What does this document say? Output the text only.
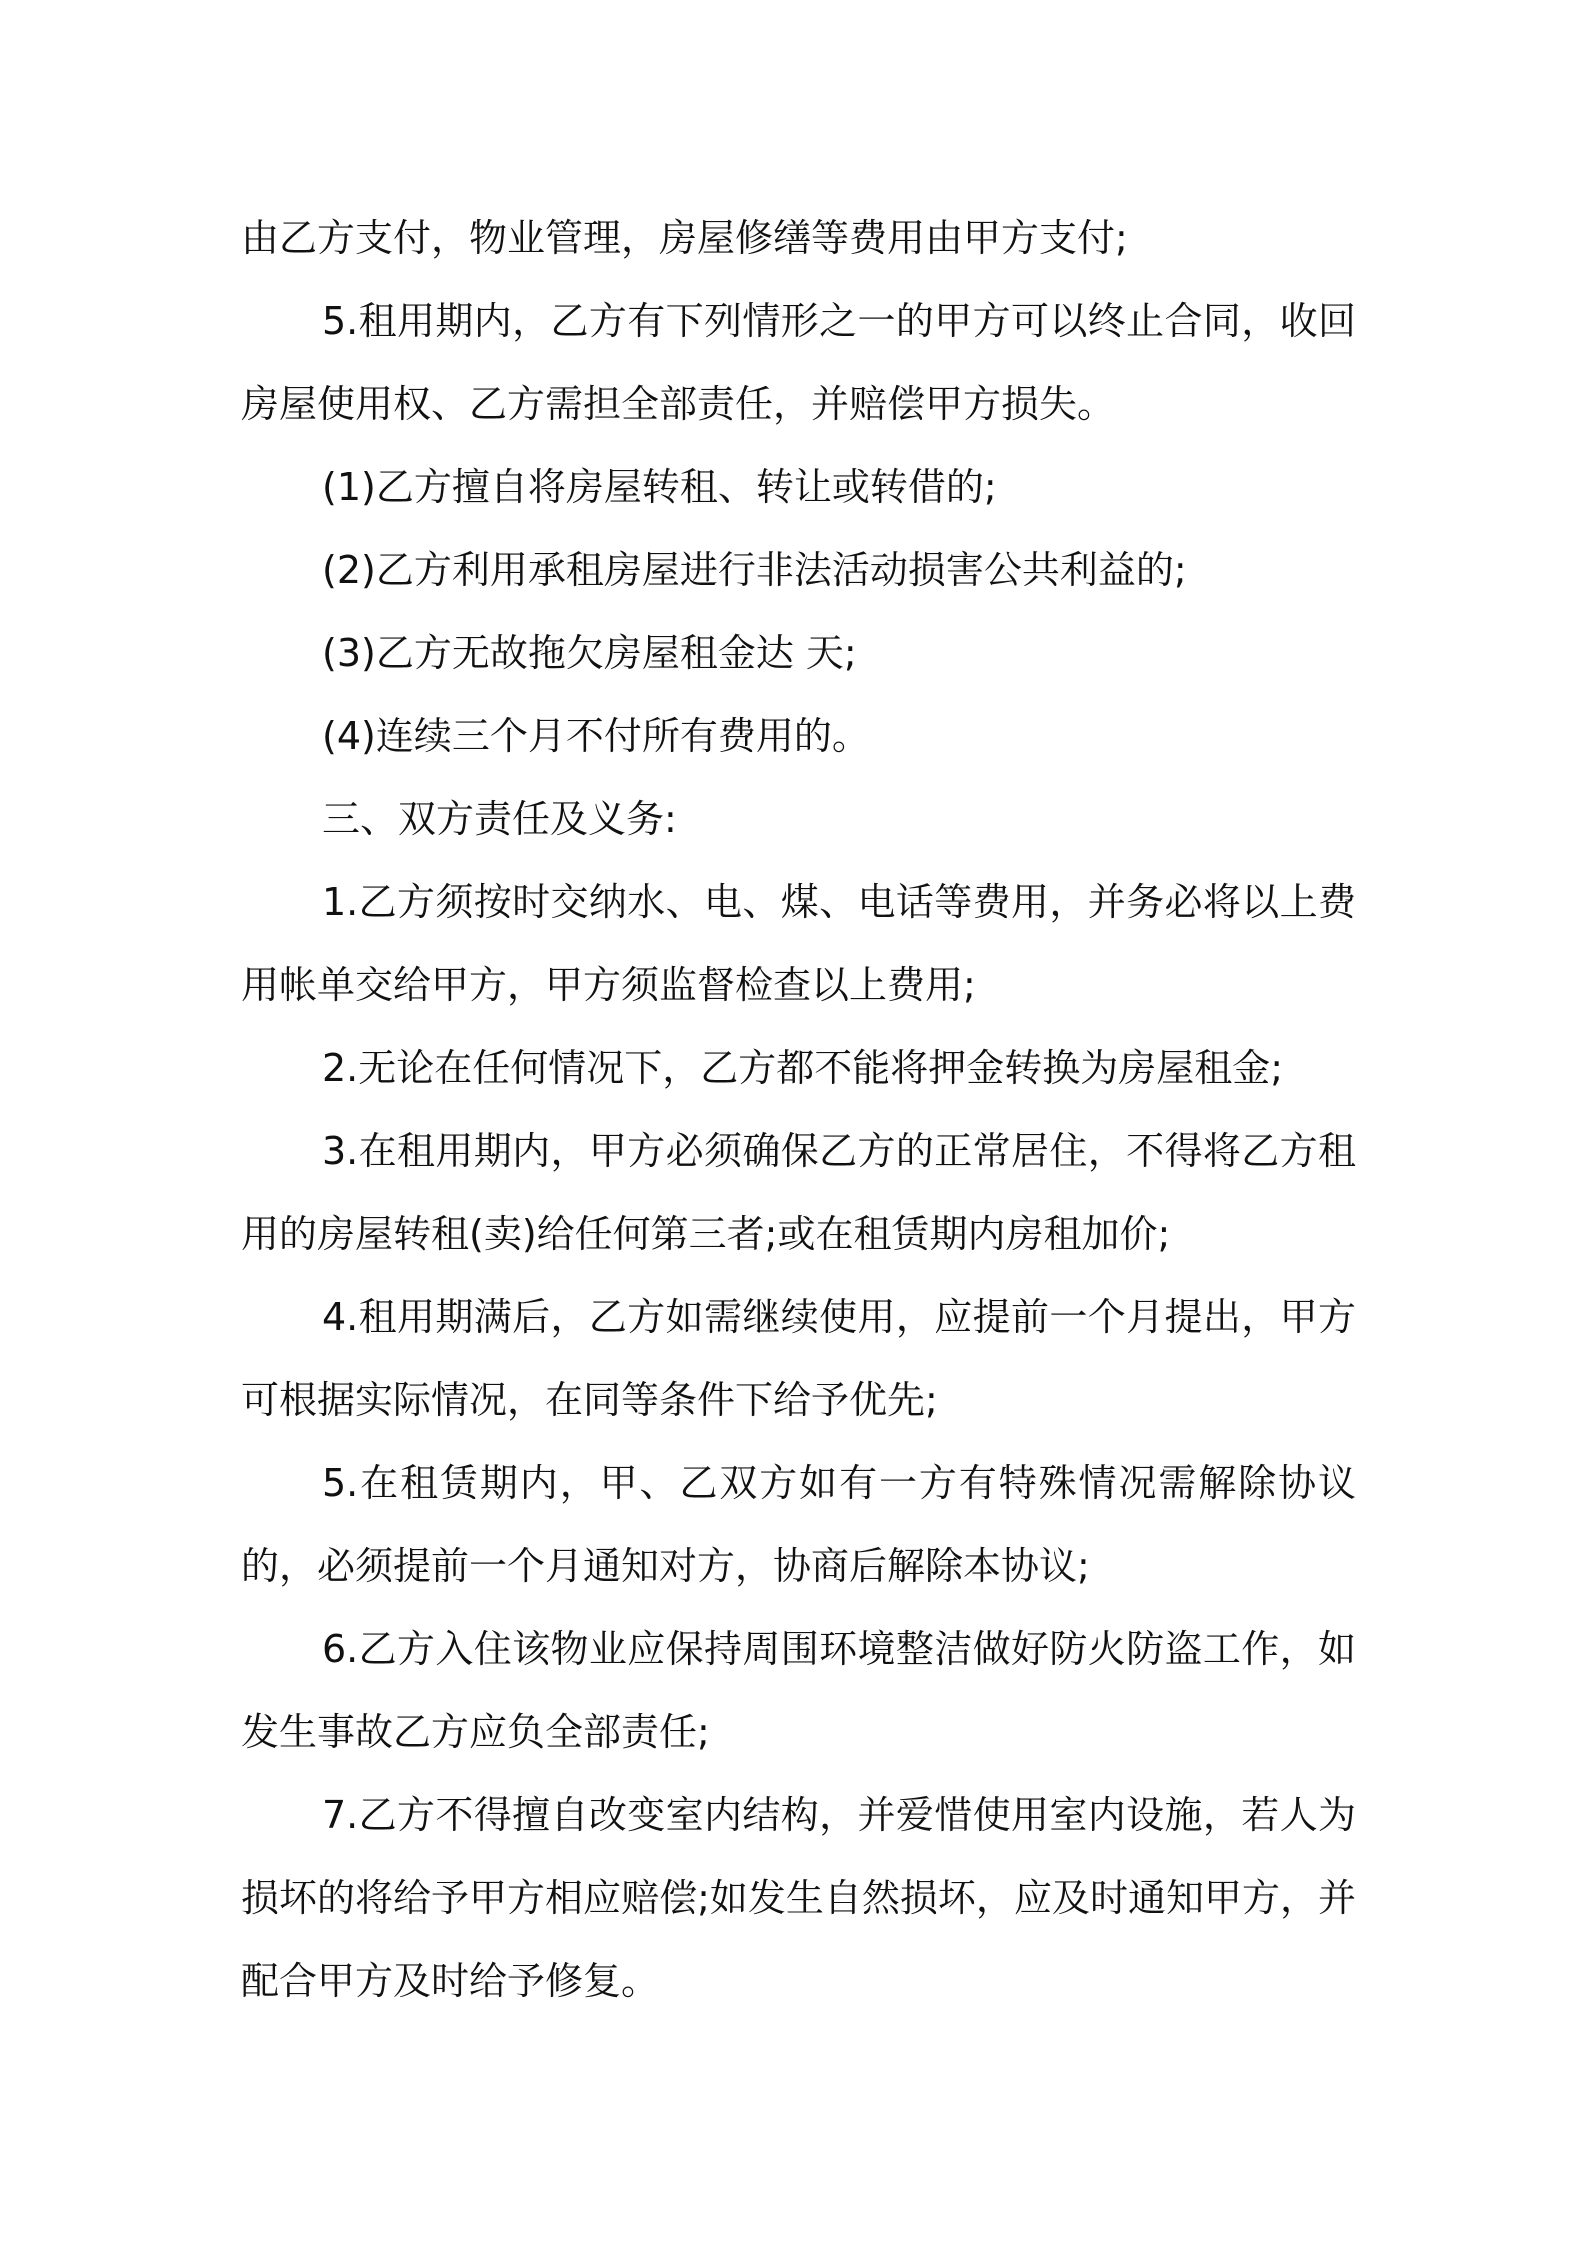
由乙方支付，物业管理，房屋修缮等费用由甲方支付;

5.租用期内，乙方有下列情形之一的甲方可以终止合同，收回房屋使用权、乙方需担全部责任，并赔偿甲方损失。

(1)乙方擅自将房屋转租、转让或转借的;

(2)乙方利用承租房屋进行非法活动损害公共利益的;

(3)乙方无故拖欠房屋租金达 天;

(4)连续三个月不付所有费用的。

三、双方责任及义务:

1.乙方须按时交纳水、电、煤、电话等费用，并务必将以上费用帐单交给甲方，甲方须监督检查以上费用;

2.无论在任何情况下，乙方都不能将押金转换为房屋租金;

3.在租用期内，甲方必须确保乙方的正常居住，不得将乙方租用的房屋转租(卖)给任何第三者;或在租赁期内房租加价;

4.租用期满后，乙方如需继续使用，应提前一个月提出，甲方可根据实际情况，在同等条件下给予优先;

5.在租赁期内，甲、乙双方如有一方有特殊情况需解除协议的，必须提前一个月通知对方，协商后解除本协议;

6.乙方入住该物业应保持周围环境整洁做好防火防盗工作，如发生事故乙方应负全部责任;

7.乙方不得擅自改变室内结构，并爱惜使用室内设施，若人为损坏的将给予甲方相应赔偿;如发生自然损坏，应及时通知甲方，并配合甲方及时给予修复。
